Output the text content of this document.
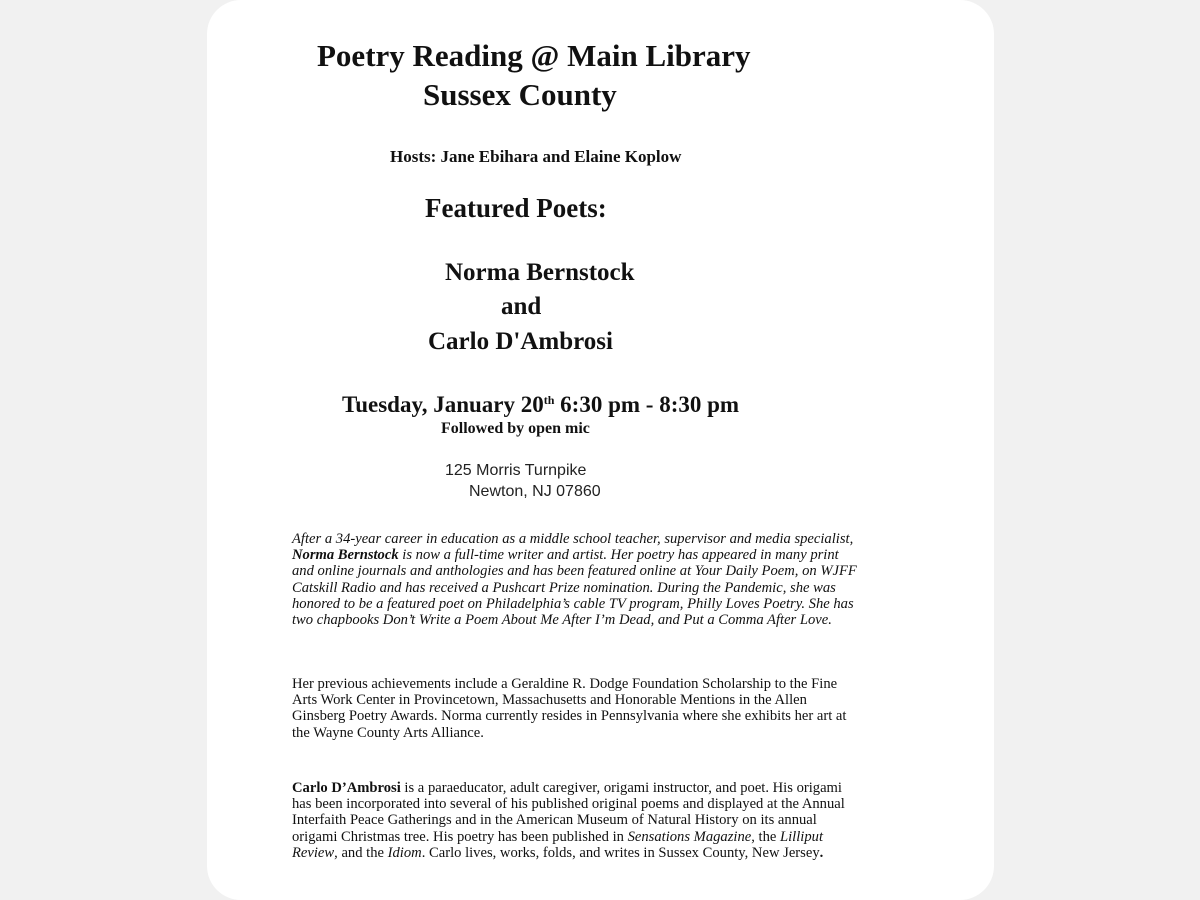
Poetry Reading @ Main Library
Sussex County
Hosts: Jane Ebihara and Elaine Koplow
Featured Poets:
Norma Bernstock
and
Carlo D'Ambrosi
Tuesday, January 20th 6:30 pm - 8:30 pm
Followed by open mic
125 Morris Turnpike
Newton, NJ 07860
After a 34-year career in education as a middle school teacher, supervisor and media specialist,
Norma Bernstock is now a full-time writer and artist. Her poetry has appeared in many print
and online journals and anthologies and has been featured online at Your Daily Poem, on WJFF
Catskill Radio and has received a Pushcart Prize nomination. During the Pandemic, she was
honored to be a featured poet on Philadelphia’s cable TV program, Philly Loves Poetry. She has
two chapbooks Don’t Write a Poem About Me After I’m Dead, and Put a Comma After Love.
Her previous achievements include a Geraldine R. Dodge Foundation Scholarship to the Fine
Arts Work Center in Provincetown, Massachusetts and Honorable Mentions in the Allen
Ginsberg Poetry Awards. Norma currently resides in Pennsylvania where she exhibits her art at
the Wayne County Arts Alliance.
Carlo D’Ambrosi is a paraeducator, adult caregiver, origami instructor, and poet. His origami
has been incorporated into several of his published original poems and displayed at the Annual
Interfaith Peace Gatherings and in the American Museum of Natural History on its annual
origami Christmas tree. His poetry has been published in Sensations Magazine, the Lilliput
Review, and the Idiom. Carlo lives, works, folds, and writes in Sussex County, New Jersey.
